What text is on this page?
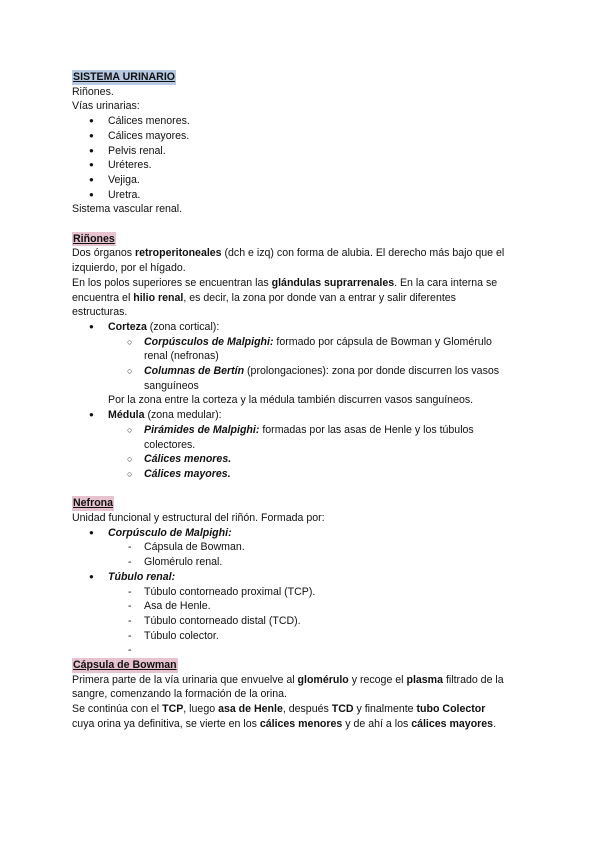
SISTEMA URINARIO
Riñones.
Vías urinarias:
● Cálices menores.
● Cálices mayores.
● Pelvis renal.
● Uréteres.
● Vejiga.
● Uretra.
Sistema vascular renal.
Riñones
Dos órganos retroperitoneales (dch e izq) con forma de alubia. El derecho más bajo que el
izquierdo, por el hígado.
En los polos superiores se encuentran las glándulas suprarrenales. En la cara interna se
encuentra el hilio renal, es decir, la zona por donde van a entrar y salir diferentes
estructuras.
● Corteza (zona cortical):
○ Corpúsculos de Malpighi: formado por cápsula de Bowman y Glomérulo
renal (nefronas)
○ Columnas de Bertín (prolongaciones): zona por donde discurren los vasos
sanguíneos
Por la zona entre la corteza y la médula también discurren vasos sanguíneos.
● Médula (zona medular):
○ Pirámides de Malpighi: formadas por las asas de Henle y los túbulos
colectores.
○ Cálices menores.
○ Cálices mayores.
Nefrona
Unidad funcional y estructural del riñón. Formada por:
● Corpúsculo de Malpighi:
- Cápsula de Bowman.
- Glomérulo renal.
● Túbulo renal:
- Túbulo contorneado proximal (TCP).
- Asa de Henle.
- Túbulo contorneado distal (TCD).
- Túbulo colector.
-
Cápsula de Bowman
Primera parte de la vía urinaria que envuelve al glomérulo y recoge el plasma filtrado de la
sangre, comenzando la formación de la orina.
Se continúa con el TCP, luego asa de Henle, después TCD y finalmente tubo Colector
cuya orina ya definitiva, se vierte en los cálices menores y de ahí a los cálices mayores.
